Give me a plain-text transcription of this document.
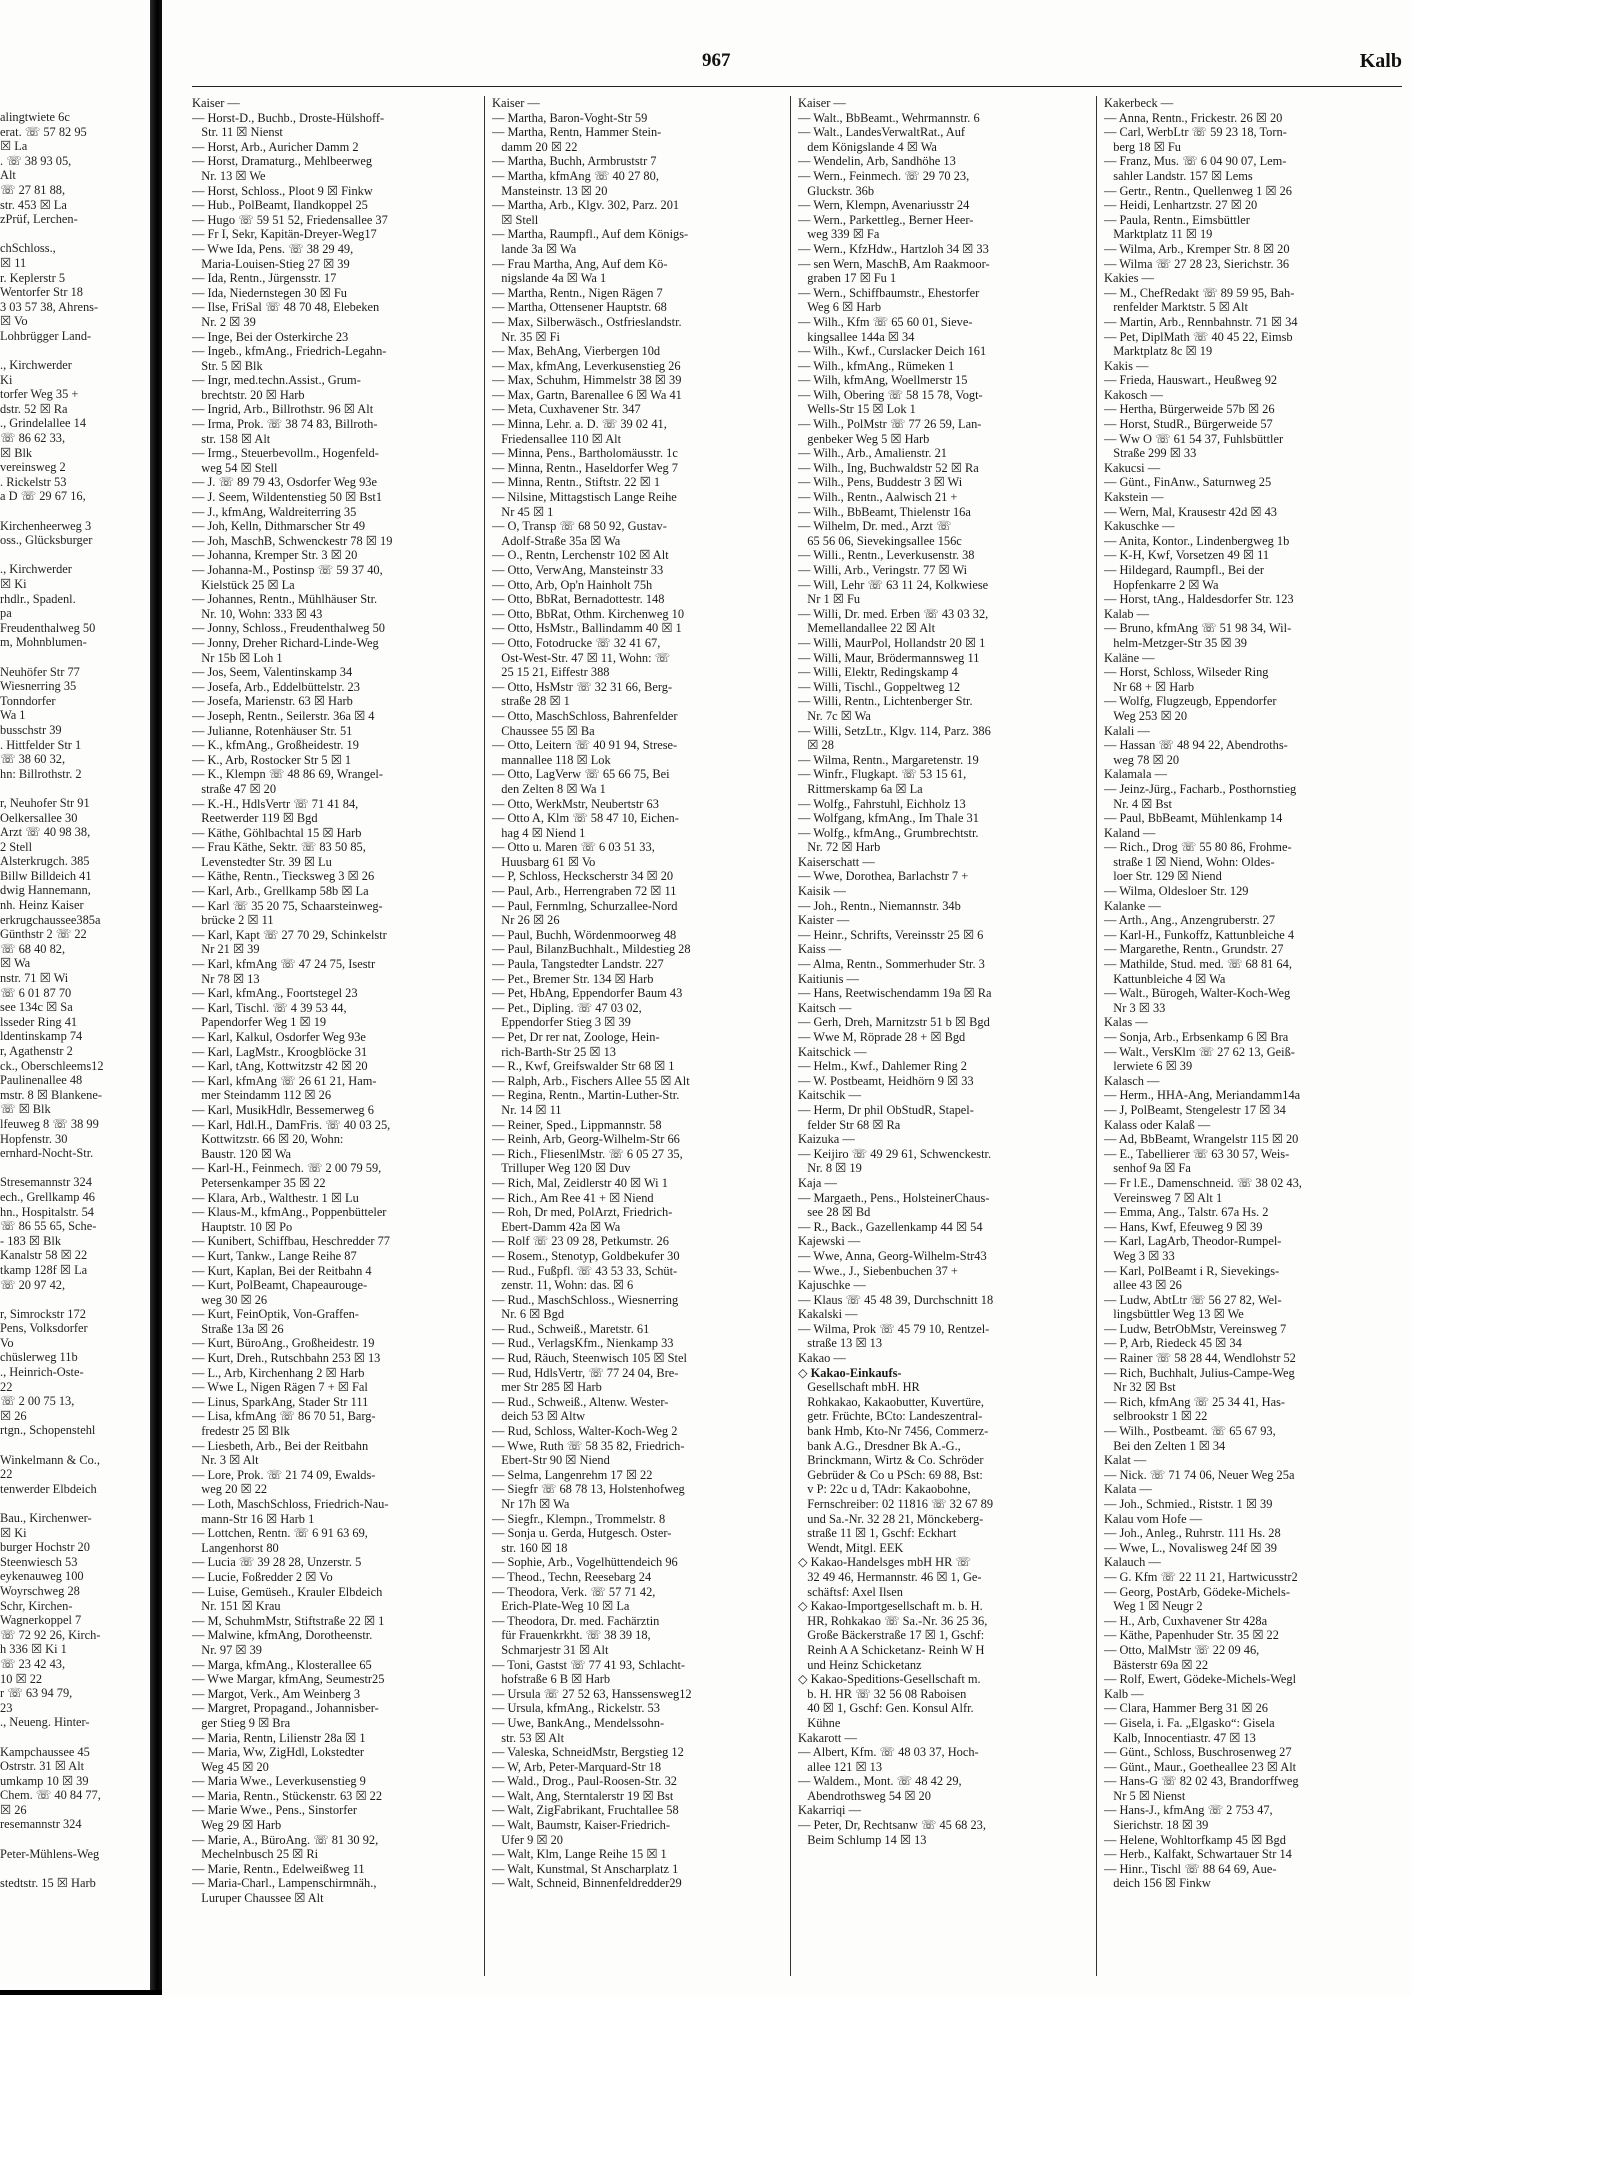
alingtwiete 6c
erat. ☏ 57 82 95
☒ La
. ☏ 38 93 05,
Alt
☏ 27 81 88,
str. 453 ☒ La
zPrüf, Lerchen-

chSchloss.,
☒ 11
r. Keplerstr 5
Wentorfer Str 18
3 03 57 38, Ahrens-
☒ Vo
Lohbrügger Land-

., Kirchwerder
Ki
torfer Weg 35 +
dstr. 52 ☒ Ra
., Grindelallee 14
☏ 86 62 33,
☒ Blk
vereinsweg 2
. Rickelstr 53
a D ☏ 29 67 16,

Kirchenheerweg 3
oss., Glücksburger

., Kirchwerder
☒ Ki
rhdlr., Spadenl.
pa
Freudenthalweg 50
m, Mohnblumen-

Neuhöfer Str 77
Wiesnerring 35
Tonndorfer
Wa 1
busschstr 39
. Hittfelder Str 1
☏ 38 60 32,
hn: Billrothstr. 2

r, Neuhofer Str 91
Oelkersallee 30
Arzt ☏ 40 98 38,
2 Stell
Alsterkrugch. 385
Billw Billdeich 41
dwig Hannemann,
nh. Heinz Kaiser
erkrugchaussee385a
Günthstr 2 ☏ 22
☏ 68 40 82,
☒ Wa
nstr. 71 ☒ Wi
☏ 6 01 87 70
see 134c ☒ Sa
lsseder Ring 41
ldentinskamp 74
r, Agathenstr 2
ck., Oberschleems12
Paulinenallee 48
mstr. 8 ☒ Blankene-
☏ ☒ Blk
lfeuweg 8 ☏ 38 99
Hopfenstr. 30
ernhard-Nocht-Str.

Stresemannstr 324
ech., Grellkamp 46
hn., Hospitalstr. 54
☏ 86 55 65, Sche-
- 183 ☒ Blk
Kanalstr 58 ☒ 22
tkamp 128f ☒ La
☏ 20 97 42,

r, Simrockstr 172
Pens, Volksdorfer
Vo
chüslerweg 11b
., Heinrich-Oste-
22
☏ 2 00 75 13,
☒ 26
rtgn., Schopenstehl

Winkelmann & Co.,
22
tenwerder Elbdeich

Bau., Kirchenwer-
☒ Ki
burger Hochstr 20
Steenwiesch 53
eykenauweg 100
Woyrschweg 28
Schr, Kirchen-
Wagnerkoppel 7
☏ 72 92 26, Kirch-
h 336 ☒ Ki 1
☏ 23 42 43,
10 ☒ 22
r ☏ 63 94 79,
23
., Neueng. Hinter-

Kampchaussee 45
Ostrstr. 31 ☒ Alt
umkamp 10 ☒ 39
Chem. ☏ 40 84 77,
☒ 26
resemannstr 324

Peter-Mühlens-Weg

stedtstr. 15 ☒ Harb
967	Kalb
Kaiser —
— Horst-D., Buchb., Droste-Hülshoff-
Str. 11 ☒ Nienst
— Horst, Arb., Auricher Damm 2
— Horst, Dramaturg., Mehlbeerweg
Nr. 13 ☒ We
— Horst, Schloss., Ploot 9 ☒ Finkw
— Hub., PolBeamt, Ilandkoppel 25
— Hugo ☏ 59 51 52, Friedensallee 37
— Fr I, Sekr, Kapitän-Dreyer-Weg17
— Wwe Ida, Pens. ☏ 38 29 49,
Maria-Louisen-Stieg 27 ☒ 39
— Ida, Rentn., Jürgensstr. 17
— Ida, Niedernstegen 30 ☒ Fu
— Ilse, FriSal ☏ 48 70 48, Elebeken
Nr. 2 ☒ 39
— Inge, Bei der Osterkirche 23
— Ingeb., kfmAng., Friedrich-Legahn-
Str. 5 ☒ Blk
— Ingr, med.techn.Assist., Grum-
brechtstr. 20 ☒ Harb
— Ingrid, Arb., Billrothstr. 96 ☒ Alt
— Irma, Prok. ☏ 38 74 83, Billroth-
str. 158 ☒ Alt
— Irmg., Steuerbevollm., Hogenfeld-
weg 54 ☒ Stell
— J. ☏ 89 79 43, Osdorfer Weg 93e
— J. Seem, Wildentenstieg 50 ☒ Bst1
— J., kfmAng, Waldreiterring 35
— Joh, Kelln, Dithmarscher Str 49
— Joh, MaschB, Schwenckestr 78 ☒ 19
— Johanna, Kremper Str. 3 ☒ 20
— Johanna-M., Postinsp ☏ 59 37 40,
Kielstück 25 ☒ La
— Johannes, Rentn., Mühlhäuser Str.
Nr. 10, Wohn: 333 ☒ 43
— Jonny, Schloss., Freudenthalweg 50
— Jonny, Dreher Richard-Linde-Weg
Nr 15b ☒ Loh 1
— Jos, Seem, Valentinskamp 34
— Josefa, Arb., Eddelbüttelstr. 23
— Josefa, Marienstr. 63 ☒ Harb
— Joseph, Rentn., Seilerstr. 36a ☒ 4
— Julianne, Rotenhäuser Str. 51
— K., kfmAng., Großheidestr. 19
— K., Arb, Rostocker Str 5 ☒ 1
— K., Klempn ☏ 48 86 69, Wrangel-
straße 47 ☒ 20
— K.-H., HdlsVertr ☏ 71 41 84,
Reetwerder 119 ☒ Bgd
— Käthe, Göhlbachtal 15 ☒ Harb
— Frau Käthe, Sektr. ☏ 83 50 85,
Levenstedter Str. 39 ☒ Lu
— Käthe, Rentn., Tiecksweg 3 ☒ 26
— Karl, Arb., Grellkamp 58b ☒ La
— Karl ☏ 35 20 75, Schaarsteinweg-
brücke 2 ☒ 11
— Karl, Kapt ☏ 27 70 29, Schinkelstr
Nr 21 ☒ 39
— Karl, kfmAng ☏ 47 24 75, Isestr
Nr 78 ☒ 13
— Karl, kfmAng., Foortstegel 23
— Karl, Tischl. ☏ 4 39 53 44,
Papendorfer Weg 1 ☒ 19
— Karl, Kalkul, Osdorfer Weg 93e
— Karl, LagMstr., Kroogblöcke 31
— Karl, tAng, Kottwitzstr 42 ☒ 20
— Karl, kfmAng ☏ 26 61 21, Ham-
mer Steindamm 112 ☒ 26
— Karl, MusikHdlr, Bessemerweg 6
— Karl, Hdl.H., DamFris. ☏ 40 03 25,
Kottwitzstr. 66 ☒ 20, Wohn:
Baustr. 120 ☒ Wa
— Karl-H., Feinmech. ☏ 2 00 79 59,
Petersenkamper 35 ☒ 22
— Klara, Arb., Walthestr. 1 ☒ Lu
— Klaus-M., kfmAng., Poppenbütteler
Hauptstr. 10 ☒ Po
— Kunibert, Schiffbau, Heschredder 77
— Kurt, Tankw., Lange Reihe 87
— Kurt, Kaplan, Bei der Reitbahn 4
— Kurt, PolBeamt, Chapeaurouge-
weg 30 ☒ 26
— Kurt, FeinOptik, Von-Graffen-
Straße 13a ☒ 26
— Kurt, BüroAng., Großheidestr. 19
— Kurt, Dreh., Rutschbahn 253 ☒ 13
— L., Arb, Kirchenhang 2 ☒ Harb
— Wwe L, Nigen Rägen 7 + ☒ Fal
— Linus, SparkAng, Stader Str 111
— Lisa, kfmAng ☏ 86 70 51, Barg-
fredestr 25 ☒ Blk
— Liesbeth, Arb., Bei der Reitbahn
Nr. 3 ☒ Alt
— Lore, Prok. ☏ 21 74 09, Ewalds-
weg 20 ☒ 22
— Loth, MaschSchloss, Friedrich-Nau-
mann-Str 16 ☒ Harb 1
— Lottchen, Rentn. ☏ 6 91 63 69,
Langenhorst 80
— Lucia ☏ 39 28 28, Unzerstr. 5
— Lucie, Foßredder 2 ☒ Vo
— Luise, Gemüseh., Krauler Elbdeich
Nr. 151 ☒ Krau
— M, SchuhmMstr, Stiftstraße 22 ☒ 1
— Malwine, kfmAng, Dorotheenstr.
Nr. 97 ☒ 39
— Marga, kfmAng., Klosterallee 65
— Wwe Margar, kfmAng, Seumestr25
— Margot, Verk., Am Weinberg 3
— Margret, Propagand., Johannisber-
ger Stieg 9 ☒ Bra
— Maria, Rentn, Lilienstr 28a ☒ 1
— Maria, Ww, ZigHdl, Lokstedter
Weg 45 ☒ 20
— Maria Wwe., Leverkusenstieg 9
— Maria, Rentn., Stückenstr. 63 ☒ 22
— Marie Wwe., Pens., Sinstorfer
Weg 29 ☒ Harb
— Marie, A., BüroAng. ☏ 81 30 92,
Mechelnbusch 25 ☒ Ri
— Marie, Rentn., Edelweißweg 11
— Maria-Charl., Lampenschirmnäh.,
Luruper Chaussee ☒ Alt
Kaiser —
— Martha, Baron-Voght-Str 59
— Martha, Rentn, Hammer Stein-
damm 20 ☒ 22
— Martha, Buchh, Armbruststr 7
— Martha, kfmAng ☏ 40 27 80,
Mansteinstr. 13 ☒ 20
— Martha, Arb., Klgv. 302, Parz. 201
☒ Stell
— Martha, Raumpfl., Auf dem Königs-
lande 3a ☒ Wa
— Frau Martha, Ang, Auf dem Kö-
nigslande 4a ☒ Wa 1
— Martha, Rentn., Nigen Rägen 7
— Martha, Ottensener Hauptstr. 68
— Max, Silberwäsch., Ostfrieslandstr.
Nr. 35 ☒ Fi
— Max, BehAng, Vierbergen 10d
— Max, kfmAng, Leverkusenstieg 26
— Max, Schuhm, Himmelstr 38 ☒ 39
— Max, Gartn, Barenallee 6 ☒ Wa 41
— Meta, Cuxhavener Str. 347
— Minna, Lehr. a. D. ☏ 39 02 41,
Friedensallee 110 ☒ Alt
— Minna, Pens., Bartholomäusstr. 1c
— Minna, Rentn., Haseldorfer Weg 7
— Minna, Rentn., Stiftstr. 22 ☒ 1
— Nilsine, Mittagstisch Lange Reihe
Nr 45 ☒ 1
— O, Transp ☏ 68 50 92, Gustav-
Adolf-Straße 35a ☒ Wa
— O., Rentn, Lerchenstr 102 ☒ Alt
— Otto, VerwAng, Mansteinstr 33
— Otto, Arb, Op'n Hainholt 75h
— Otto, BbRat, Bernadottestr. 148
— Otto, BbRat, Othm. Kirchenweg 10
— Otto, HsMstr., Ballindamm 40 ☒ 1
— Otto, Fotodrucke ☏ 32 41 67,
Ost-West-Str. 47 ☒ 11, Wohn: ☏
25 15 21, Eiffestr 388
— Otto, HsMstr ☏ 32 31 66, Berg-
straße 28 ☒ 1
— Otto, MaschSchloss, Bahrenfelder
Chaussee 55 ☒ Ba
— Otto, Leitern ☏ 40 91 94, Strese-
mannallee 118 ☒ Lok
— Otto, LagVerw ☏ 65 66 75, Bei
den Zelten 8 ☒ Wa 1
— Otto, WerkMstr, Neubertstr 63
— Otto A, Klm ☏ 58 47 10, Eichen-
hag 4 ☒ Niend 1
— Otto u. Maren ☏ 6 03 51 33,
Huusbarg 61 ☒ Vo
— P, Schloss, Heckscherstr 34 ☒ 20
— Paul, Arb., Herrengraben 72 ☒ 11
— Paul, Fernmlng, Schurzallee-Nord
Nr 26 ☒ 26
— Paul, Buchh, Wördenmoorweg 48
— Paul, BilanzBuchhalt., Mildestieg 28
— Paula, Tangstedter Landstr. 227
— Pet., Bremer Str. 134 ☒ Harb
— Pet, HbAng, Eppendorfer Baum 43
— Pet., Dipling. ☏ 47 03 02,
Eppendorfer Stieg 3 ☒ 39
— Pet, Dr rer nat, Zoologe, Hein-
rich-Barth-Str 25 ☒ 13
— R., Kwf, Greifswalder Str 68 ☒ 1
— Ralph, Arb., Fischers Allee 55 ☒ Alt
— Regina, Rentn., Martin-Luther-Str.
Nr. 14 ☒ 11
— Reiner, Sped., Lippmannstr. 58
— Reinh, Arb, Georg-Wilhelm-Str 66
— Rich., FliesenlMstr. ☏ 6 05 27 35,
Trilluper Weg 120 ☒ Duv
— Rich, Mal, Zeidlerstr 40 ☒ Wi 1
— Rich., Am Ree 41 + ☒ Niend
— Roh, Dr med, PolArzt, Friedrich-
Ebert-Damm 42a ☒ Wa
— Rolf ☏ 23 09 28, Petkumstr. 26
— Rosem., Stenotyp, Goldbekufer 30
— Rud., Fußpfl. ☏ 43 53 33, Schüt-
zenstr. 11, Wohn: das. ☒ 6
— Rud., MaschSchloss., Wiesnerring
Nr. 6 ☒ Bgd
— Rud., Schweiß., Maretstr. 61
— Rud., VerlagsKfm., Nienkamp 33
— Rud, Räuch, Steenwisch 105 ☒ Stel
— Rud, HdlsVertr, ☏ 77 24 04, Bre-
mer Str 285 ☒ Harb
— Rud., Schweiß., Altenw. Wester-
deich 53 ☒ Altw
— Rud, Schloss, Walter-Koch-Weg 2
— Wwe, Ruth ☏ 58 35 82, Friedrich-
Ebert-Str 90 ☒ Niend
— Selma, Langenrehm 17 ☒ 22
— Siegfr ☏ 68 78 13, Holstenhofweg
Nr 17h ☒ Wa
— Siegfr., Klempn., Trommelstr. 8
— Sonja u. Gerda, Hutgesch. Oster-
str. 160 ☒ 18
— Sophie, Arb., Vogelhüttendeich 96
— Theod., Techn, Reesebarg 24
— Theodora, Verk. ☏ 57 71 42,
Erich-Plate-Weg 10 ☒ La
— Theodora, Dr. med. Fachärztin
für Frauenkrkht. ☏ 38 39 18,
Schmarjestr 31 ☒ Alt
— Toni, Gastst ☏ 77 41 93, Schlacht-
hofstraße 6 B ☒ Harb
— Ursula ☏ 27 52 63, Hanssensweg12
— Ursula, kfmAng., Rickelstr. 53
— Uwe, BankAng., Mendelssohn-
str. 53 ☒ Alt
— Valeska, SchneidMstr, Bergstieg 12
— W, Arb, Peter-Marquard-Str 18
— Wald., Drog., Paul-Roosen-Str. 32
— Walt, Ang, Sterntalerstr 19 ☒ Bst
— Walt, ZigFabrikant, Fruchtallee 58
— Walt, Baumstr, Kaiser-Friedrich-
Ufer 9 ☒ 20
— Walt, Klm, Lange Reihe 15 ☒ 1
— Walt, Kunstmal, St Anscharplatz 1
— Walt, Schneid, Binnenfeldredder29
Kaiser —
— Walt., BbBeamt., Wehrmannstr. 6
— Walt., LandesVerwaltRat., Auf
dem Königslande 4 ☒ Wa
— Wendelin, Arb, Sandhöhe 13
— Wern., Feinmech. ☏ 29 70 23,
Gluckstr. 36b
— Wern, Klempn, Avenariusstr 24
— Wern., Parkettleg., Berner Heer-
weg 339 ☒ Fa
— Wern., KfzHdw., Hartzloh 34 ☒ 33
— sen Wern, MaschB, Am Raakmoor-
graben 17 ☒ Fu 1
— Wern., Schiffbaumstr., Ehestorfer
Weg 6 ☒ Harb
— Wilh., Kfm ☏ 65 60 01, Sieve-
kingsallee 144a ☒ 34
— Wilh., Kwf., Curslacker Deich 161
— Wilh., kfmAng., Rümeken 1
— Wilh, kfmAng, Woellmerstr 15
— Wilh, Obering ☏ 58 15 78, Vogt-
Wells-Str 15 ☒ Lok 1
— Wilh., PolMstr ☏ 77 26 59, Lan-
genbeker Weg 5 ☒ Harb
— Wilh., Arb., Amalienstr. 21
— Wilh., Ing, Buchwaldstr 52 ☒ Ra
— Wilh., Pens, Buddestr 3 ☒ Wi
— Wilh., Rentn., Aalwisch 21 +
— Wilh., BbBeamt, Thielenstr 16a
— Wilhelm, Dr. med., Arzt ☏
65 56 06, Sievekingsallee 156c
— Willi., Rentn., Leverkusenstr. 38
— Willi, Arb., Veringstr. 77 ☒ Wi
— Will, Lehr ☏ 63 11 24, Kolkwiese
Nr 1 ☒ Fu
— Willi, Dr. med. Erben ☏ 43 03 32,
Memellandallee 22 ☒ Alt
— Willi, MaurPol, Hollandstr 20 ☒ 1
— Willi, Maur, Brödermannsweg 11
— Willi, Elektr, Redingskamp 4
— Willi, Tischl., Goppeltweg 12
— Willi, Rentn., Lichtenberger Str.
Nr. 7c ☒ Wa
— Willi, SetzLtr., Klgv. 114, Parz. 386
☒ 28
— Wilma, Rentn., Margaretenstr. 19
— Winfr., Flugkapt. ☏ 53 15 61,
Rittmerskamp 6a ☒ La
— Wolfg., Fahrstuhl, Eichholz 13
— Wolfgang, kfmAng., Im Thale 31
— Wolfg., kfmAng., Grumbrechtstr.
Nr. 72 ☒ Harb
Kaiserschatt —
— Wwe, Dorothea, Barlachstr 7 +
Kaisik —
— Joh., Rentn., Niemannstr. 34b
Kaister —
— Heinr., Schrifts, Vereinsstr 25 ☒ 6
Kaiss —
— Alma, Rentn., Sommerhuder Str. 3
Kaitiunis —
— Hans, Reetwischendamm 19a ☒ Ra
Kaitsch —
— Gerh, Dreh, Marnitzstr 51 b ☒ Bgd
— Wwe M, Röprade 28 + ☒ Bgd
Kaitschick —
— Helm., Kwf., Dahlemer Ring 2
— W. Postbeamt, Heidhörn 9 ☒ 33
Kaitschik —
— Herm, Dr phil ObStudR, Stapel-
felder Str 68 ☒ Ra
Kaizuka —
— Keijiro ☏ 49 29 61, Schwenckestr.
Nr. 8 ☒ 19
Kaja —
— Margaeth., Pens., HolsteinerChaus-
see 28 ☒ Bd
— R., Back., Gazellenkamp 44 ☒ 54
Kajewski —
— Wwe, Anna, Georg-Wilhelm-Str43
— Wwe., J., Siebenbuchen 37 +
Kajuschke —
— Klaus ☏ 45 48 39, Durchschnitt 18
Kakalski —
— Wilma, Prok ☏ 45 79 10, Rentzel-
straße 13 ☒ 13
Kakao —
◇ Kakao-Einkaufs-
Gesellschaft mbH. HR
Rohkakao, Kakaobutter, Kuvertüre,
getr. Früchte, BCto: Landeszentral-
bank Hmb, Kto-Nr 7456, Commerz-
bank A.G., Dresdner Bk A.-G.,
Brinckmann, Wirtz & Co. Schröder
Gebrüder & Co u PSch: 69 88, Bst:
v P: 22c u d, TAdr: Kakaobohne,
Fernschreiber: 02 11816 ☏ 32 67 89
und Sa.-Nr. 32 28 21, Mönckeberg-
straße 11 ☒ 1, Gschf: Eckhart
Wendt, Mitgl. EEK
◇ Kakao-Handelsges mbH HR ☏
32 49 46, Hermannstr. 46 ☒ 1, Ge-
schäftsf: Axel Ilsen
◇ Kakao-Importgesellschaft m. b. H.
HR, Rohkakao ☏ Sa.-Nr. 36 25 36,
Große Bäckerstraße 17 ☒ 1, Gschf:
Reinh A A Schicketanz- Reinh W H
und Heinz Schicketanz
◇ Kakao-Speditions-Gesellschaft m.
b. H. HR ☏ 32 56 08 Raboisen
40 ☒ 1, Gschf: Gen. Konsul Alfr.
Kühne
Kakarott —
— Albert, Kfm. ☏ 48 03 37, Hoch-
allee 121 ☒ 13
— Waldem., Mont. ☏ 48 42 29,
Abendrothsweg 54 ☒ 20
Kakarriqi —
— Peter, Dr, Rechtsanw ☏ 45 68 23,
Beim Schlump 14 ☒ 13
Kakerbeck —
— Anna, Rentn., Frickestr. 26 ☒ 20
— Carl, WerbLtr ☏ 59 23 18, Torn-
berg 18 ☒ Fu
— Franz, Mus. ☏ 6 04 90 07, Lem-
sahler Landstr. 157 ☒ Lems
— Gertr., Rentn., Quellenweg 1 ☒ 26
— Heidi, Lenhartzstr. 27 ☒ 20
— Paula, Rentn., Eimsbüttler
Marktplatz 11 ☒ 19
— Wilma, Arb., Kremper Str. 8 ☒ 20
— Wilma ☏ 27 28 23, Sierichstr. 36
Kakies —
— M., ChefRedakt ☏ 89 59 95, Bah-
renfelder Marktstr. 5 ☒ Alt
— Martin, Arb., Rennbahnstr. 71 ☒ 34
— Pet, DiplMath ☏ 40 45 22, Eimsb
Marktplatz 8c ☒ 19
Kakis —
— Frieda, Hauswart., Heußweg 92
Kakosch —
— Hertha, Bürgerweide 57b ☒ 26
— Horst, StudR., Bürgerweide 57
— Ww O ☏ 61 54 37, Fuhlsbüttler
Straße 299 ☒ 33
Kakucsi —
— Günt., FinAnw., Saturnweg 25
Kakstein —
— Wern, Mal, Krausestr 42d ☒ 43
Kakuschke —
— Anita, Kontor., Lindenbergweg 1b
— K-H, Kwf, Vorsetzen 49 ☒ 11
— Hildegard, Raumpfl., Bei der
Hopfenkarre 2 ☒ Wa
— Horst, tAng., Haldesdorfer Str. 123
Kalab —
— Bruno, kfmAng ☏ 51 98 34, Wil-
helm-Metzger-Str 35 ☒ 39
Kaläne —
— Horst, Schloss, Wilseder Ring
Nr 68 + ☒ Harb
— Wolfg, Flugzeugb, Eppendorfer
Weg 253 ☒ 20
Kalali —
— Hassan ☏ 48 94 22, Abendroths-
weg 78 ☒ 20
Kalamala —
— Jeinz-Jürg., Facharb., Posthornstieg
Nr. 4 ☒ Bst
— Paul, BbBeamt, Mühlenkamp 14
Kaland —
— Rich., Drog ☏ 55 80 86, Frohme-
straße 1 ☒ Niend, Wohn: Oldes-
loer Str. 129 ☒ Niend
— Wilma, Oldesloer Str. 129
Kalanke —
— Arth., Ang., Anzengruberstr. 27
— Karl-H., Funkoffz, Kattunbleiche 4
— Margarethe, Rentn., Grundstr. 27
— Mathilde, Stud. med. ☏ 68 81 64,
Kattunbleiche 4 ☒ Wa
— Walt., Bürogeh, Walter-Koch-Weg
Nr 3 ☒ 33
Kalas —
— Sonja, Arb., Erbsenkamp 6 ☒ Bra
— Walt., VersKlm ☏ 27 62 13, Geiß-
lerwiete 6 ☒ 39
Kalasch —
— Herm., HHA-Ang, Meriandamm14a
— J, PolBeamt, Stengelestr 17 ☒ 34
Kalass oder Kalaß —
— Ad, BbBeamt, Wrangelstr 115 ☒ 20
— E., Tabellierer ☏ 63 30 57, Weis-
senhof 9a ☒ Fa
— Fr l.E., Damenschneid. ☏ 38 02 43,
Vereinsweg 7 ☒ Alt 1
— Emma, Ang., Talstr. 67a Hs. 2
— Hans, Kwf, Efeuweg 9 ☒ 39
— Karl, LagArb, Theodor-Rumpel-
Weg 3 ☒ 33
— Karl, PolBeamt i R, Sievekings-
allee 43 ☒ 26
— Ludw, AbtLtr ☏ 56 27 82, Wel-
lingsbüttler Weg 13 ☒ We
— Ludw, BetrObMstr, Vereinsweg 7
— P, Arb, Riedeck 45 ☒ 34
— Rainer ☏ 58 28 44, Wendlohstr 52
— Rich, Buchhalt, Julius-Campe-Weg
Nr 32 ☒ Bst
— Rich, kfmAng ☏ 25 34 41, Has-
selbrookstr 1 ☒ 22
— Wilh., Postbeamt. ☏ 65 67 93,
Bei den Zelten 1 ☒ 34
Kalat —
— Nick. ☏ 71 74 06, Neuer Weg 25a
Kalata —
— Joh., Schmied., Riststr. 1 ☒ 39
Kalau vom Hofe —
— Joh., Anleg., Ruhrstr. 111 Hs. 28
— Wwe, L., Novalisweg 24f ☒ 39
Kalauch —
— G. Kfm ☏ 22 11 21, Hartwicusstr2
— Georg, PostArb, Gödeke-Michels-
Weg 1 ☒ Neugr 2
— H., Arb, Cuxhavener Str 428a
— Käthe, Papenhuder Str. 35 ☒ 22
— Otto, MalMstr ☏ 22 09 46,
Bästerstr 69a ☒ 22
— Rolf, Ewert, Gödeke-Michels-Wegl
Kalb —
— Clara, Hammer Berg 31 ☒ 26
— Gisela, i. Fa. „Elgasko“: Gisela
Kalb, Innocentiastr. 47 ☒ 13
— Günt., Schloss, Buschrosenweg 27
— Günt., Maur., Goetheallee 23 ☒ Alt
— Hans-G ☏ 82 02 43, Brandorffweg
Nr 5 ☒ Nienst
— Hans-J., kfmAng ☏ 2 753 47,
Sierichstr. 18 ☒ 39
— Helene, Wohltorfkamp 45 ☒ Bgd
— Herb., Kalfakt, Schwartauer Str 14
— Hinr., Tischl ☏ 88 64 69, Aue-
deich 156 ☒ Finkw
